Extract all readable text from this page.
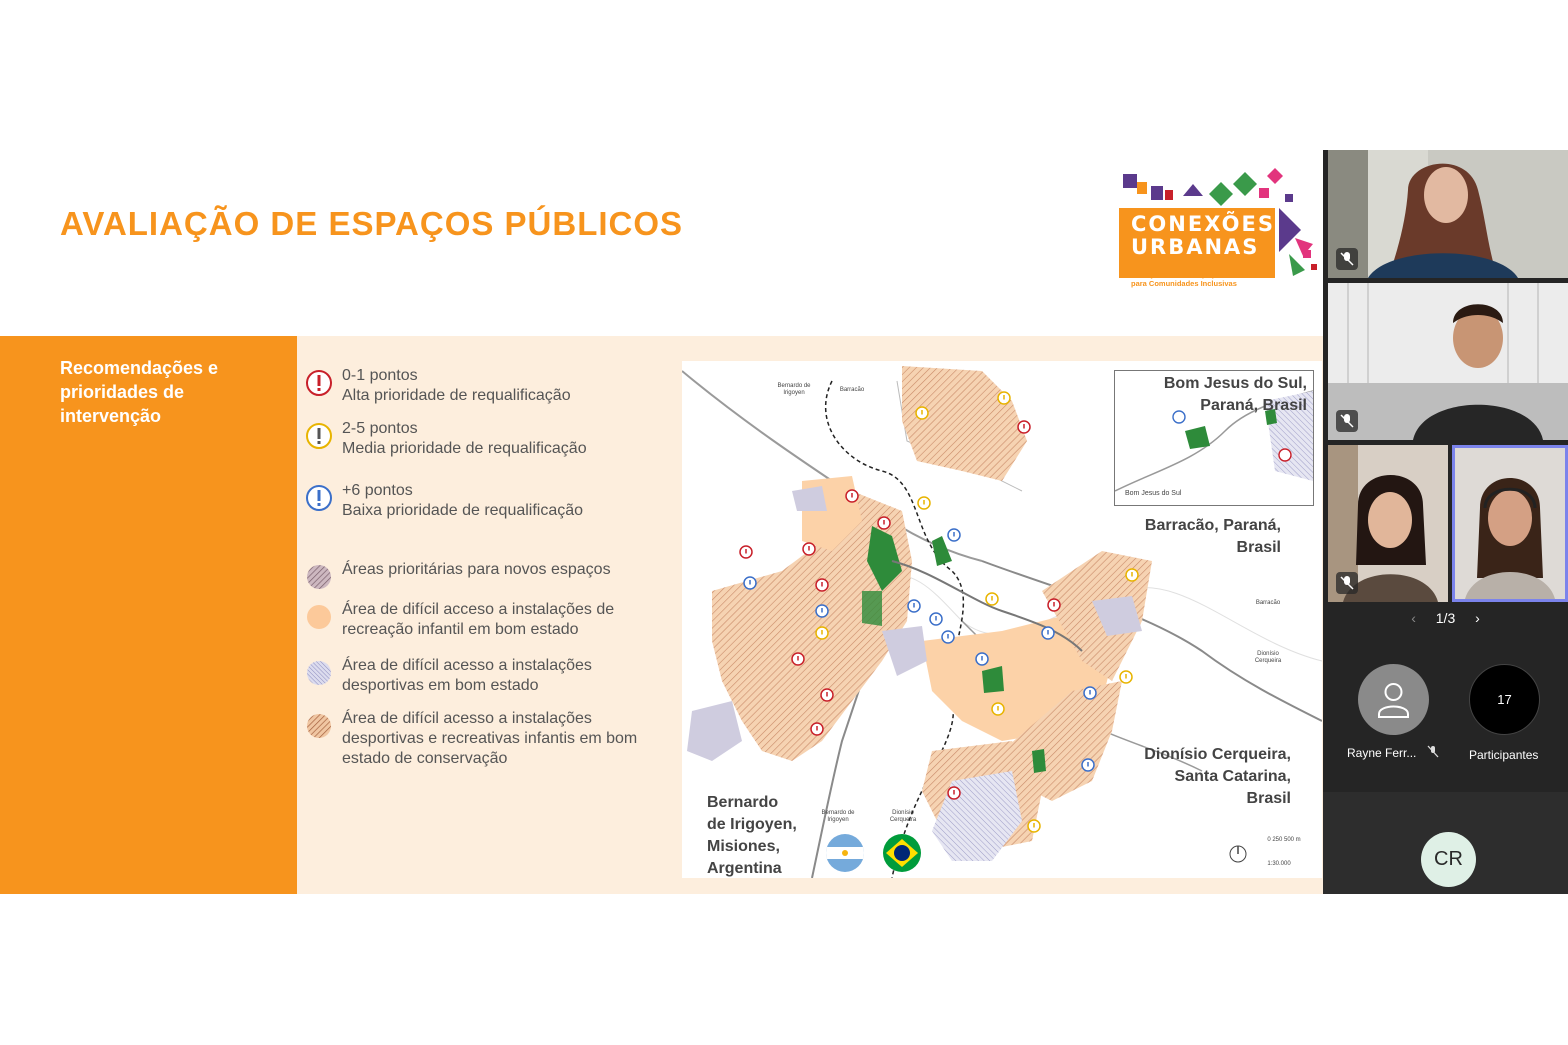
AVALIAÇÃO DE ESPAÇOS PÚBLICOS	CONEXÕES
URBANAS
Planejamento de Espaços Públicos
para Comunidades Inclusivas
Recomendações e prioridades de intervenção
0-1 pontos
Alta prioridade de requalificação
2-5 pontos
Media prioridade de requalificação
+6 pontos
Baixa prioridade de requalificação
Áreas prioritárias para novos espaços
Área de difícil acceso a instalações de
recreação infantil em bom estado
Área de difícil acesso a instalações
desportivas em bom estado
Área de difícil acesso a instalações
desportivas e recreativas infantis em bom
estado de conservação
Bom Jesus do Sul,
Paraná, Brasil
Bom Jesus do Sul
Barracão, Paraná,
Brasil
Dionísio Cerqueira,
Santa Catarina,
Brasil
Bernardo
de Irigoyen,
Misiones,
Argentina
Bernardo de Irigoyen	Barracão
Barracão
Dionísio Cerqueira
Bernardo de Irigoyen
Dionísio Cerqueira
0 250 500 m
1:30.000
‹ 1/3 ›
Rayne Ferr...
17
Participantes
CR
